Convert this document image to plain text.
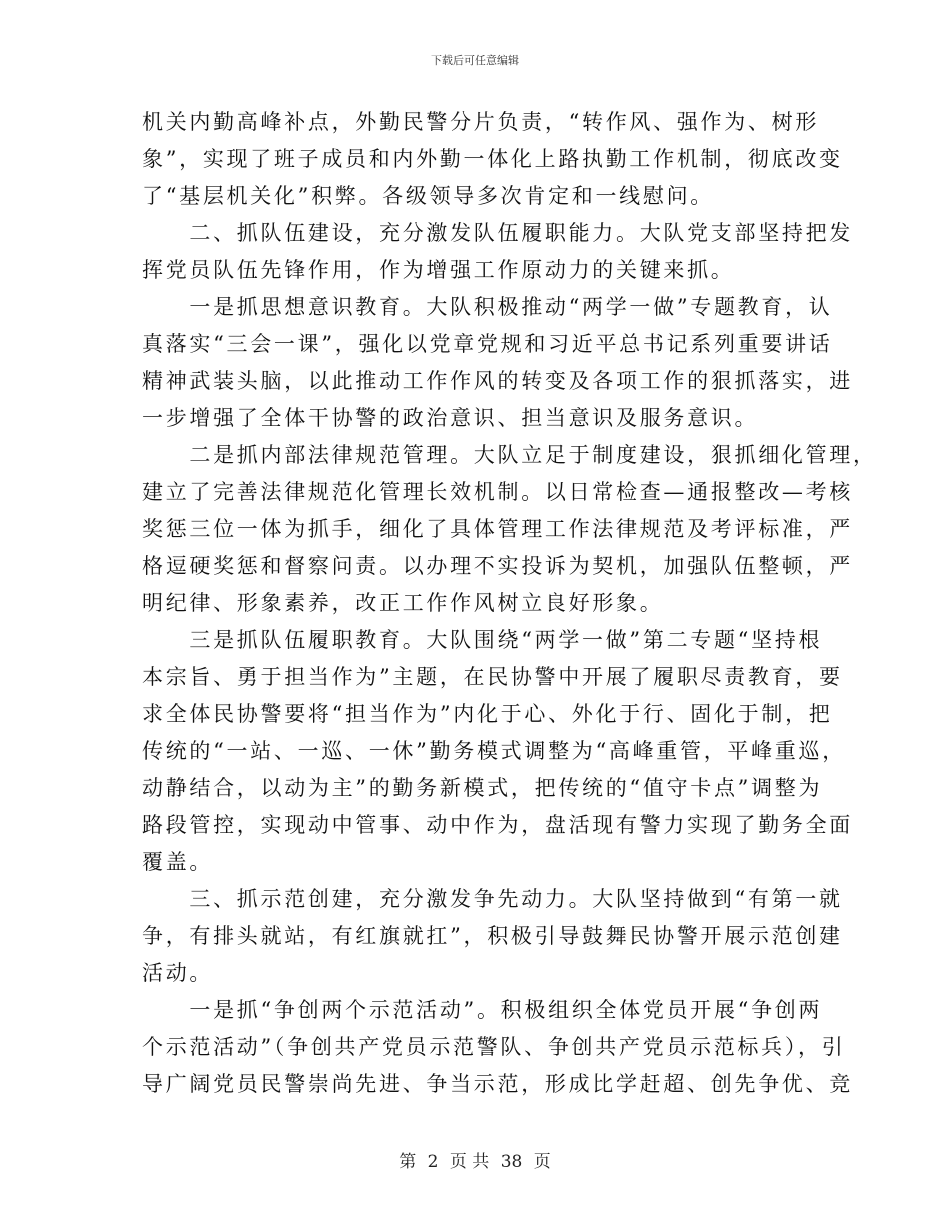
下载后可任意编辑
机关内勤高峰补点，外勤民警分片负责，“转作风、强作为、树形
象”，实现了班子成员和内外勤一体化上路执勤工作机制，彻底改变
了“基层机关化”积弊。各级领导多次肯定和一线慰问。
　　二、抓队伍建设，充分激发队伍履职能力。大队党支部坚持把发
挥党员队伍先锋作用，作为增强工作原动力的关键来抓。
　　一是抓思想意识教育。大队积极推动“两学一做”专题教育，认
真落实“三会一课”，强化以党章党规和习近平总书记系列重要讲话
精神武装头脑，以此推动工作作风的转变及各项工作的狠抓落实，进
一步增强了全体干协警的政治意识、担当意识及服务意识。
　　二是抓内部法律规范管理。大队立足于制度建设，狠抓细化管理，
建立了完善法律规范化管理长效机制。以日常检查—通报整改—考核
奖惩三位一体为抓手，细化了具体管理工作法律规范及考评标准，严
格逗硬奖惩和督察问责。以办理不实投诉为契机，加强队伍整顿，严
明纪律、形象素养，改正工作作风树立良好形象。
　　三是抓队伍履职教育。大队围绕“两学一做”第二专题“坚持根
本宗旨、勇于担当作为”主题，在民协警中开展了履职尽责教育，要
求全体民协警要将“担当作为”内化于心、外化于行、固化于制，把
传统的“一站、一巡、一休”勤务模式调整为“高峰重管，平峰重巡，
动静结合，以动为主”的勤务新模式，把传统的“值守卡点”调整为
路段管控，实现动中管事、动中作为，盘活现有警力实现了勤务全面
覆盖。
　　三、抓示范创建，充分激发争先动力。大队坚持做到“有第一就
争，有排头就站，有红旗就扛”，积极引导鼓舞民协警开展示范创建
活动。
　　一是抓“争创两个示范活动”。积极组织全体党员开展“争创两
个示范活动”（争创共产党员示范警队、争创共产党员示范标兵），引
导广阔党员民警崇尚先进、争当示范，形成比学赶超、创先争优、竞
第 2 页 共 38 页
